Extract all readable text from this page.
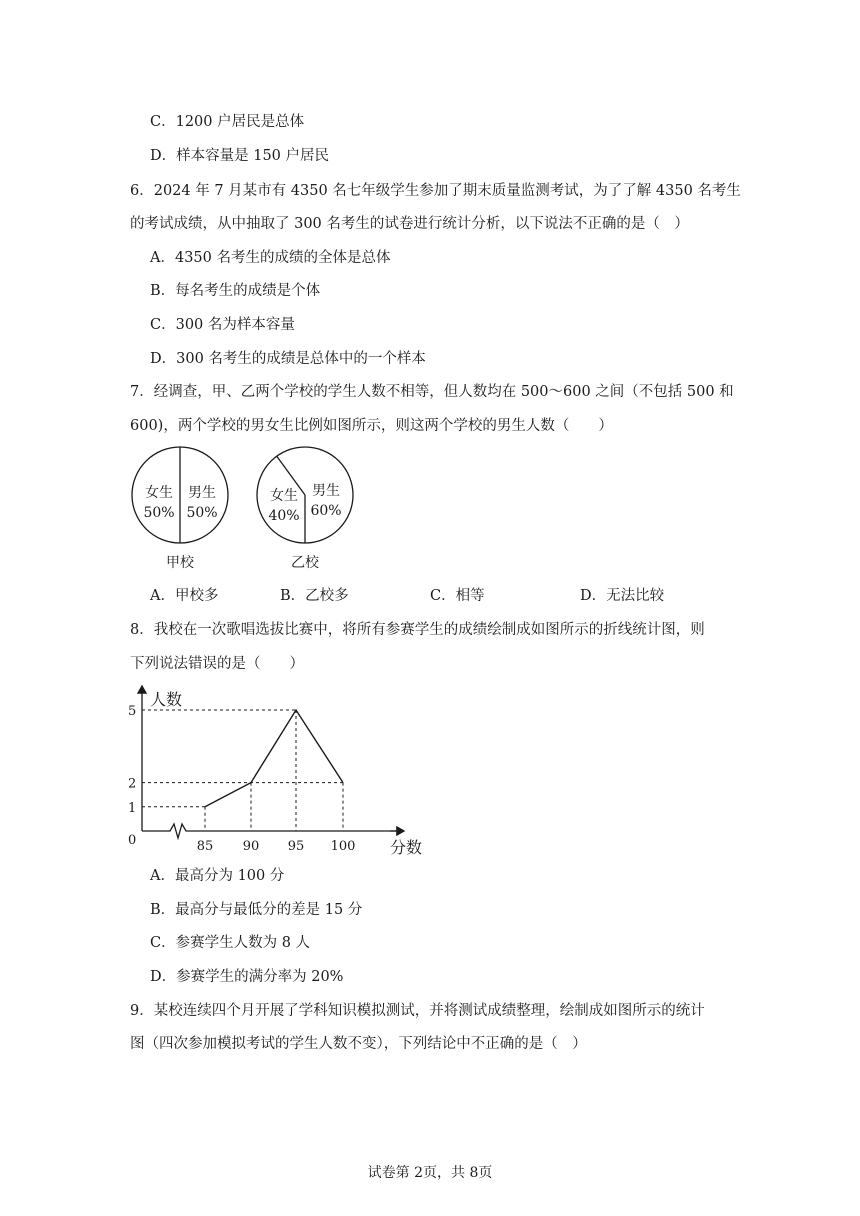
C．1200 户居民是总体
D．样本容量是 150 户居民
6．2024 年 7 月某市有 4350 名七年级学生参加了期末质量监测考试，为了了解 4350 名考生
的考试成绩，从中抽取了 300 名考生的试卷进行统计分析，以下说法不正确的是（　）
A．4350 名考生的成绩的全体是总体
B．每名考生的成绩是个体
C．300 名为样本容量
D．300 名考生的成绩是总体中的一个样本
7．经调查，甲、乙两个学校的学生人数不相等，但人数均在 500～600 之间（不包括 500 和
600)，两个学校的男女生比例如图所示，则这两个学校的男生人数（　　）
女生
50%
男生
50%
甲校
女生
40%
男生
60%
乙校
A．甲校多	B．乙校多	C．相等	D．无法比较
8．我校在一次歌唱选拔比赛中，将所有参赛学生的成绩绘制成如图所示的折线统计图，则
下列说法错误的是（　　）
人数
分数
0	85 90 95 100
1
2
5
A．最高分为 100 分
B．最高分与最低分的差是 15 分
C．参赛学生人数为 8 人
D．参赛学生的满分率为 20%
9．某校连续四个月开展了学科知识模拟测试，并将测试成绩整理，绘制成如图所示的统计
图（四次参加模拟考试的学生人数不变），下列结论中不正确的是（　）
试卷第 2页，共 8页
